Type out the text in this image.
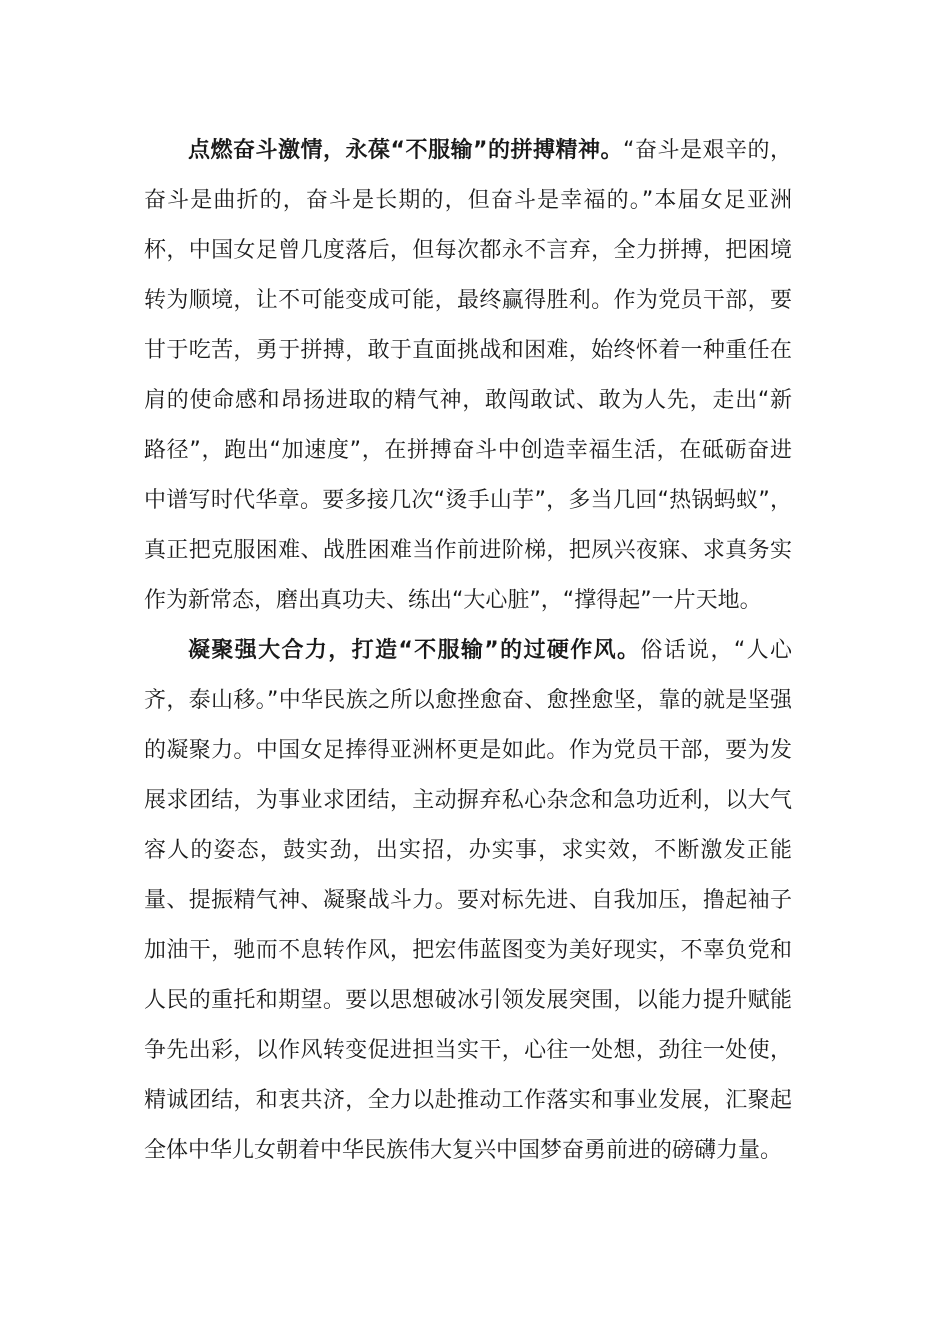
点燃奋斗激情，永葆“不服输”的拼搏精神。“奋斗是艰辛的，奋斗是曲折的，奋斗是长期的，但奋斗是幸福的。”本届女足亚洲杯，中国女足曾几度落后，但每次都永不言弃，全力拼搏，把困境转为顺境，让不可能变成可能，最终赢得胜利。作为党员干部，要甘于吃苦，勇于拼搏，敢于直面挑战和困难，始终怀着一种重任在肩的使命感和昂扬进取的精气神，敢闯敢试、敢为人先，走出“新路径”，跑出“加速度”，在拼搏奋斗中创造幸福生活，在砥砺奋进中谱写时代华章。要多接几次“烫手山芋”，多当几回“热锅蚂蚁”，真正把克服困难、战胜困难当作前进阶梯，把夙兴夜寐、求真务实作为新常态，磨出真功夫、练出“大心脏”，“撑得起”一片天地。

凝聚强大合力，打造“不服输”的过硬作风。俗话说，“人心齐，泰山移。”中华民族之所以愈挫愈奋、愈挫愈坚，靠的就是坚强的凝聚力。中国女足捧得亚洲杯更是如此。作为党员干部，要为发展求团结，为事业求团结，主动摒弃私心杂念和急功近利，以大气容人的姿态，鼓实劲，出实招，办实事，求实效，不断激发正能量、提振精气神、凝聚战斗力。要对标先进、自我加压，撸起袖子加油干，驰而不息转作风，把宏伟蓝图变为美好现实，不辜负党和人民的重托和期望。要以思想破冰引领发展突围，以能力提升赋能争先出彩，以作风转变促进担当实干，心往一处想，劲往一处使，精诚团结，和衷共济，全力以赴推动工作落实和事业发展，汇聚起全体中华儿女朝着中华民族伟大复兴中国梦奋勇前进的磅礴力量。
